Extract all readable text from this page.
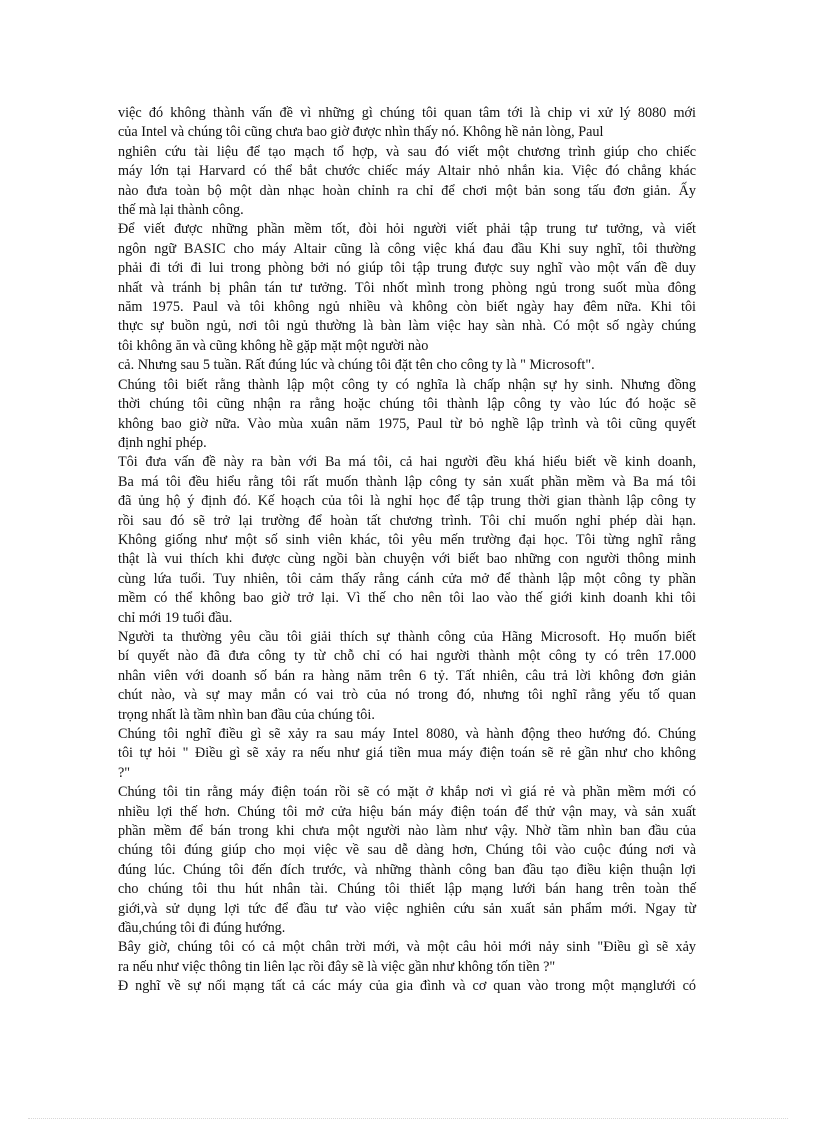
việc đó không thành vấn đề vì những gì chúng tôi quan tâm tới là chip vi xử lý 8080 mới
của Intel và chúng tôi cũng chưa bao giờ được nhìn thấy nó. Không hề nản lòng, Paul
nghiên cứu tài liệu để tạo mạch tổ hợp, và sau đó viết một chương trình giúp cho chiếc
máy lớn tại Harvard có thể bắt chước chiếc máy Altair nhỏ nhắn kia. Việc đó chẳng khác
nào đưa toàn bộ một dàn nhạc hoàn chỉnh ra chỉ để chơi một bản song tấu đơn giản. Ấy
thế mà lại thành công.
Để viết được những phần mềm tốt, đòi hỏi người viết phải tập trung tư tưởng, và viết
ngôn ngữ BASIC cho máy Altair cũng là công việc khá đau đầu Khi suy nghĩ, tôi thường
phải đi tới đi lui trong phòng bởi nó giúp tôi tập trung được suy nghĩ vào một vấn đề duy
nhất và tránh bị phân tán tư tưởng. Tôi nhốt mình trong phòng ngủ trong suốt mùa đông
năm 1975. Paul và tôi không ngủ nhiều và không còn biết ngày hay đêm nữa. Khi tôi
thực sự buồn ngủ, nơi tôi ngủ thường là bàn làm việc hay sàn nhà. Có một số ngày chúng
tôi không ăn và cũng không hề gặp mặt một người nào
cả. Nhưng sau 5 tuần. Rất đúng lúc và chúng tôi đặt tên cho công ty là " Microsoft".
Chúng tôi biết rằng thành lập một công ty có nghĩa là chấp nhận sự hy sinh. Nhưng đồng
thời chúng tôi cũng nhận ra rằng hoặc chúng tôi thành lập công ty vào lúc đó hoặc sẽ
không bao giờ nữa. Vào mùa xuân năm 1975, Paul từ bỏ nghề lập trình và tôi cũng quyết
định nghỉ phép.
Tôi đưa vấn đề này ra bàn với Ba má tôi, cả hai người đều khá hiểu biết về kinh doanh,
Ba má tôi đều hiểu rằng tôi rất muốn thành lập công ty sản xuất phần mềm và Ba má tôi
đã ủng hộ ý định đó. Kế hoạch của tôi là nghỉ học để tập trung thời gian thành lập công ty
rồi sau đó sẽ trở lại trường để hoàn tất chương trình. Tôi chỉ muốn nghỉ phép dài hạn.
Không giống như một số sinh viên khác, tôi yêu mến trường đại học. Tôi từng nghĩ rằng
thật là vui thích khi được cùng ngồi bàn chuyện với biết bao những con người thông minh
cùng lứa tuổi. Tuy nhiên, tôi cảm thấy rằng cánh cửa mở để thành lập một công ty phần
mềm có thể không bao giờ trở lại. Vì thế cho nên tôi lao vào thế giới kinh doanh khi tôi
chỉ mới 19 tuổi đầu.
Người ta thường yêu cầu tôi giải thích sự thành công của Hãng Microsoft. Họ muốn biết
bí quyết nào đã đưa công ty từ chỗ chỉ có hai người thành một công ty có trên 17.000
nhân viên với doanh số bán ra hàng năm trên 6 tỷ. Tất nhiên, câu trả lời không đơn giản
chút nào, và sự may mắn có vai trò của nó trong đó, nhưng tôi nghĩ rằng yếu tố quan
trọng nhất là tầm nhìn ban đầu của chúng tôi.
Chúng tôi nghĩ điều gì sẽ xảy ra sau máy Intel 8080, và hành động theo hướng đó. Chúng
tôi tự hỏi " Điều gì sẽ xảy ra nếu như giá tiền mua máy điện toán sẽ rẻ gần như cho không
?"
Chúng tôi tin rằng máy điện toán rồi sẽ có mặt ở khắp nơi vì giá rẻ và phần mềm mới có
nhiều lợi thế hơn. Chúng tôi mở cửa hiệu bán máy điện toán để thử vận may, và sản xuất
phần mềm để bán trong khi chưa một người nào làm như vậy. Nhờ tầm nhìn ban đầu của
chúng tôi đúng giúp cho mọi việc về sau dễ dàng hơn, Chúng tôi vào cuộc đúng nơi và
đúng lúc. Chúng tôi đến đích trước, và những thành công ban đầu tạo điều kiện thuận lợi
cho chúng tôi thu hút nhân tài. Chúng tôi thiết lập mạng lưới bán hang trên toàn thế
giới,và sử dụng lợi tức để đầu tư vào việc nghiên cứu sản xuất sản phẩm mới. Ngay từ
đầu,chúng tôi đi đúng hướng.
Bây giờ, chúng tôi có cả một chân trời mới, và một câu hỏi mới nảy sinh "Điều gì sẽ xảy
ra nếu như việc thông tin liên lạc rồi đây sẽ là việc gần như không tốn tiền ?"
Đ nghĩ về sự nối mạng tất cả các máy của gia đình và cơ quan vào trong một mạnglưới có
